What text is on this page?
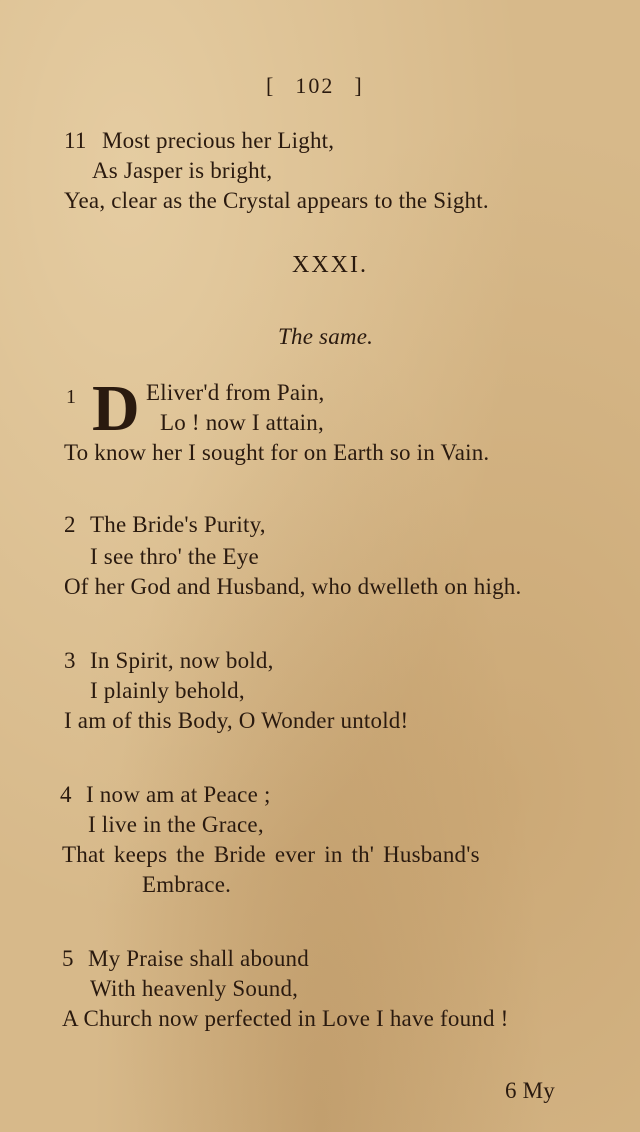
[ 102 ]
11 Most precious her Light,
As Jasper is bright,
Yea, clear as the Crystal appears to the Sight.
XXXI.
The same.
1 D Eliver'd from Pain,
Lo ! now I attain,
To know her I sought for on Earth so in Vain.
2 The Bride's Purity,
I see thro' the Eye
Of her God and Husband, who dwelleth on high.
3 In Spirit, now bold,
I plainly behold,
I am of this Body, O Wonder untold!
4 I now am at Peace ;
I live in the Grace,
That keeps the Bride ever in th' Husband's
Embrace.
5 My Praise shall abound
With heavenly Sound,
A Church now perfected in Love I have found !
6 My
